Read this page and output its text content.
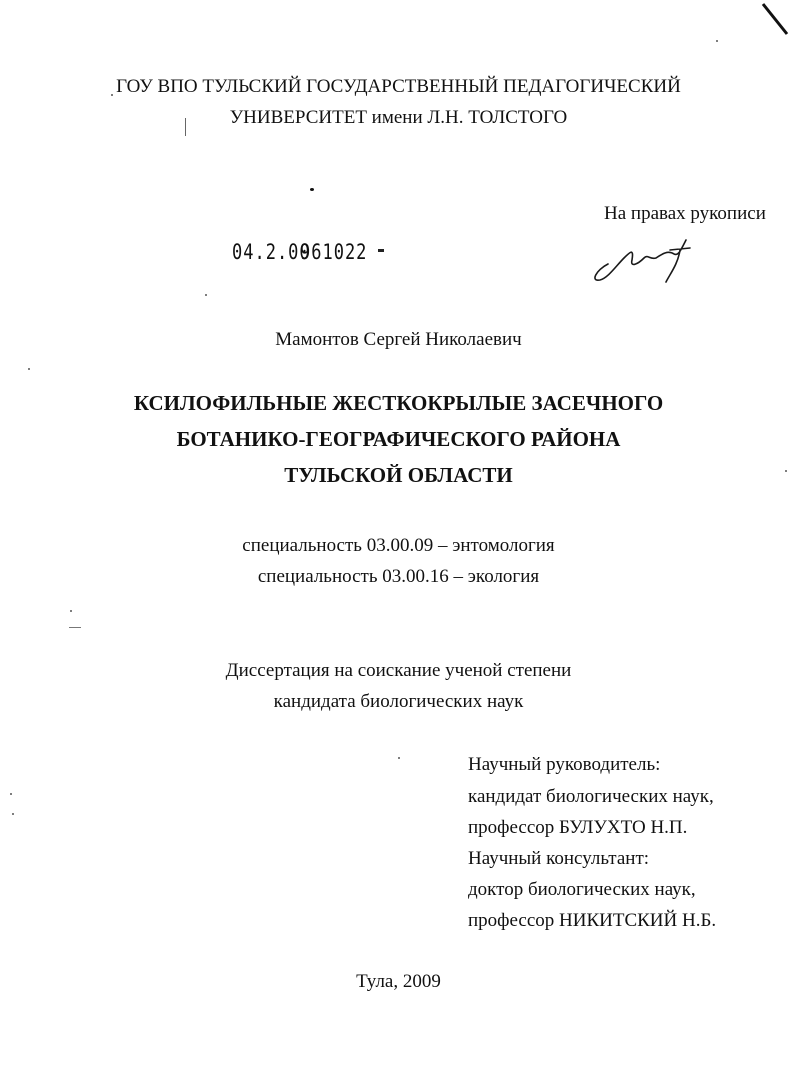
ГОУ ВПО ТУЛЬСКИЙ ГОСУДАРСТВЕННЫЙ ПЕДАГОГИЧЕСКИЙ
УНИВЕРСИТЕТ имени Л.Н. ТОЛСТОГО
На правах рукописи
04.2.00
961022
Мамонтов Сергей Николаевич
КСИЛОФИЛЬНЫЕ ЖЕСТКОКРЫЛЫЕ ЗАСЕЧНОГО
БОТАНИКО-ГЕОГРАФИЧЕСКОГО РАЙОНА
ТУЛЬСКОЙ ОБЛАСТИ
специальность 03.00.09 – энтомология
специальность 03.00.16 – экология
Диссертация на соискание ученой степени
кандидата биологических наук
Научный руководитель:
кандидат биологических наук,
профессор БУЛУХТО Н.П.
Научный консультант:
доктор биологических наук,
профессор НИКИТСКИЙ Н.Б.
Тула, 2009
